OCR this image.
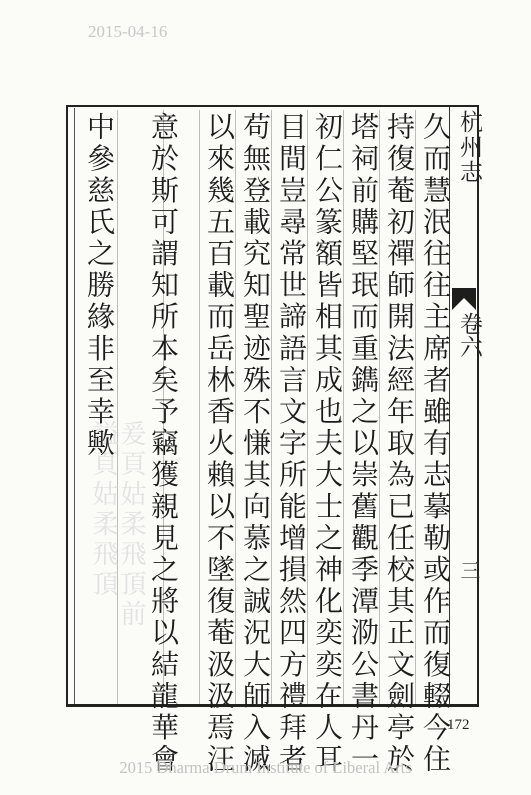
2015-04-16
杭州志
卷六
三
爰頁姑柔飛頂前
謚頁姑柔飛頂	久而慧泯往往主席者雖有志摹勒或作而復輟今住
持復菴初禪師開法經年取為已任校其正文劍亭於
塔祠前購堅珉而重鐫之以崇舊觀季潭泐公書丹一
初仁公篆額皆相其成也夫大士之神化奕奕在人耳
目間豈尋常世諦語言文字所能增損然四方禮拜者
苟無登載究知聖迹殊不慊其向慕之誠況大師入滅
以來幾五百載而岳林香火賴以不墜復菴汲汲焉汪
意於斯可謂知所本矣予竊獲親見之將以結龍華會
中參慈氏之勝緣非至幸歟
172
2015 Dharma Drum Institute of Liberal Arts
